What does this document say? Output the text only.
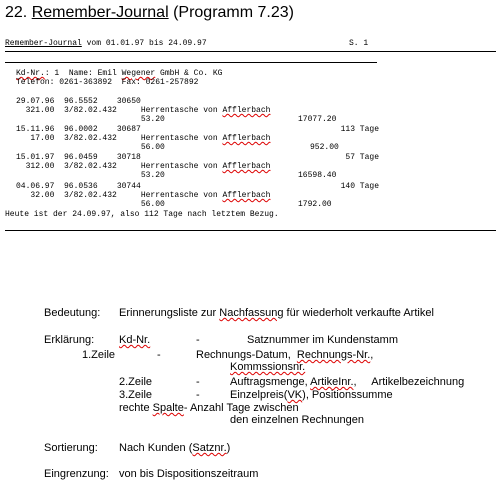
22. Remember-Journal (Programm 7.23)
Remember-Journal vom 01.01.97 bis 24.09.97	S. 1
Kd-Nr.: 1  Name: Emil Wegener GmbH & Co. KG
Telefon: 0261-363892  Fax: 0261-257892
29.07.96  96.5552    30650
321.00  3/82.02.432     Herrentasche von Afflerbach
53.20	17077.20
15.11.96  96.0002    30687	113 Tage
17.00  3/82.02.432     Herrentasche von Afflerbach
56.00	952.00
15.01.97  96.0459    30718	57 Tage
312.00  3/82.02.432     Herrentasche von Afflerbach
53.20	16598.40
04.06.97  96.0536    30744	140 Tage
32.00  3/82.02.432     Herrentasche von Afflerbach
56.00	1792.00
Heute ist der 24.09.97, also 112 Tage nach letztem Bezug.
Bedeutung: Erinnerungsliste zur Nachfassung für wiederholt verkaufte Artikel
Erklärung: Kd-Nr.	-	Satznummer im Kundenstamm
1.Zeile	-	Rechnungs-Datum,  Rechnungs-Nr.,
Kommssionsnr.
2.Zeile	-	Auftragsmenge, ArtikeInr.,     Artikelbezeichnung
3.Zeile	-	Einzelpreis(VK), Positionssumme
rechte Spalte- Anzahl Tage zwischen
den einzelnen Rechnungen
Sortierung: Nach Kunden (Satznr.)
Eingrenzung: von bis Dispositionszeitraum
